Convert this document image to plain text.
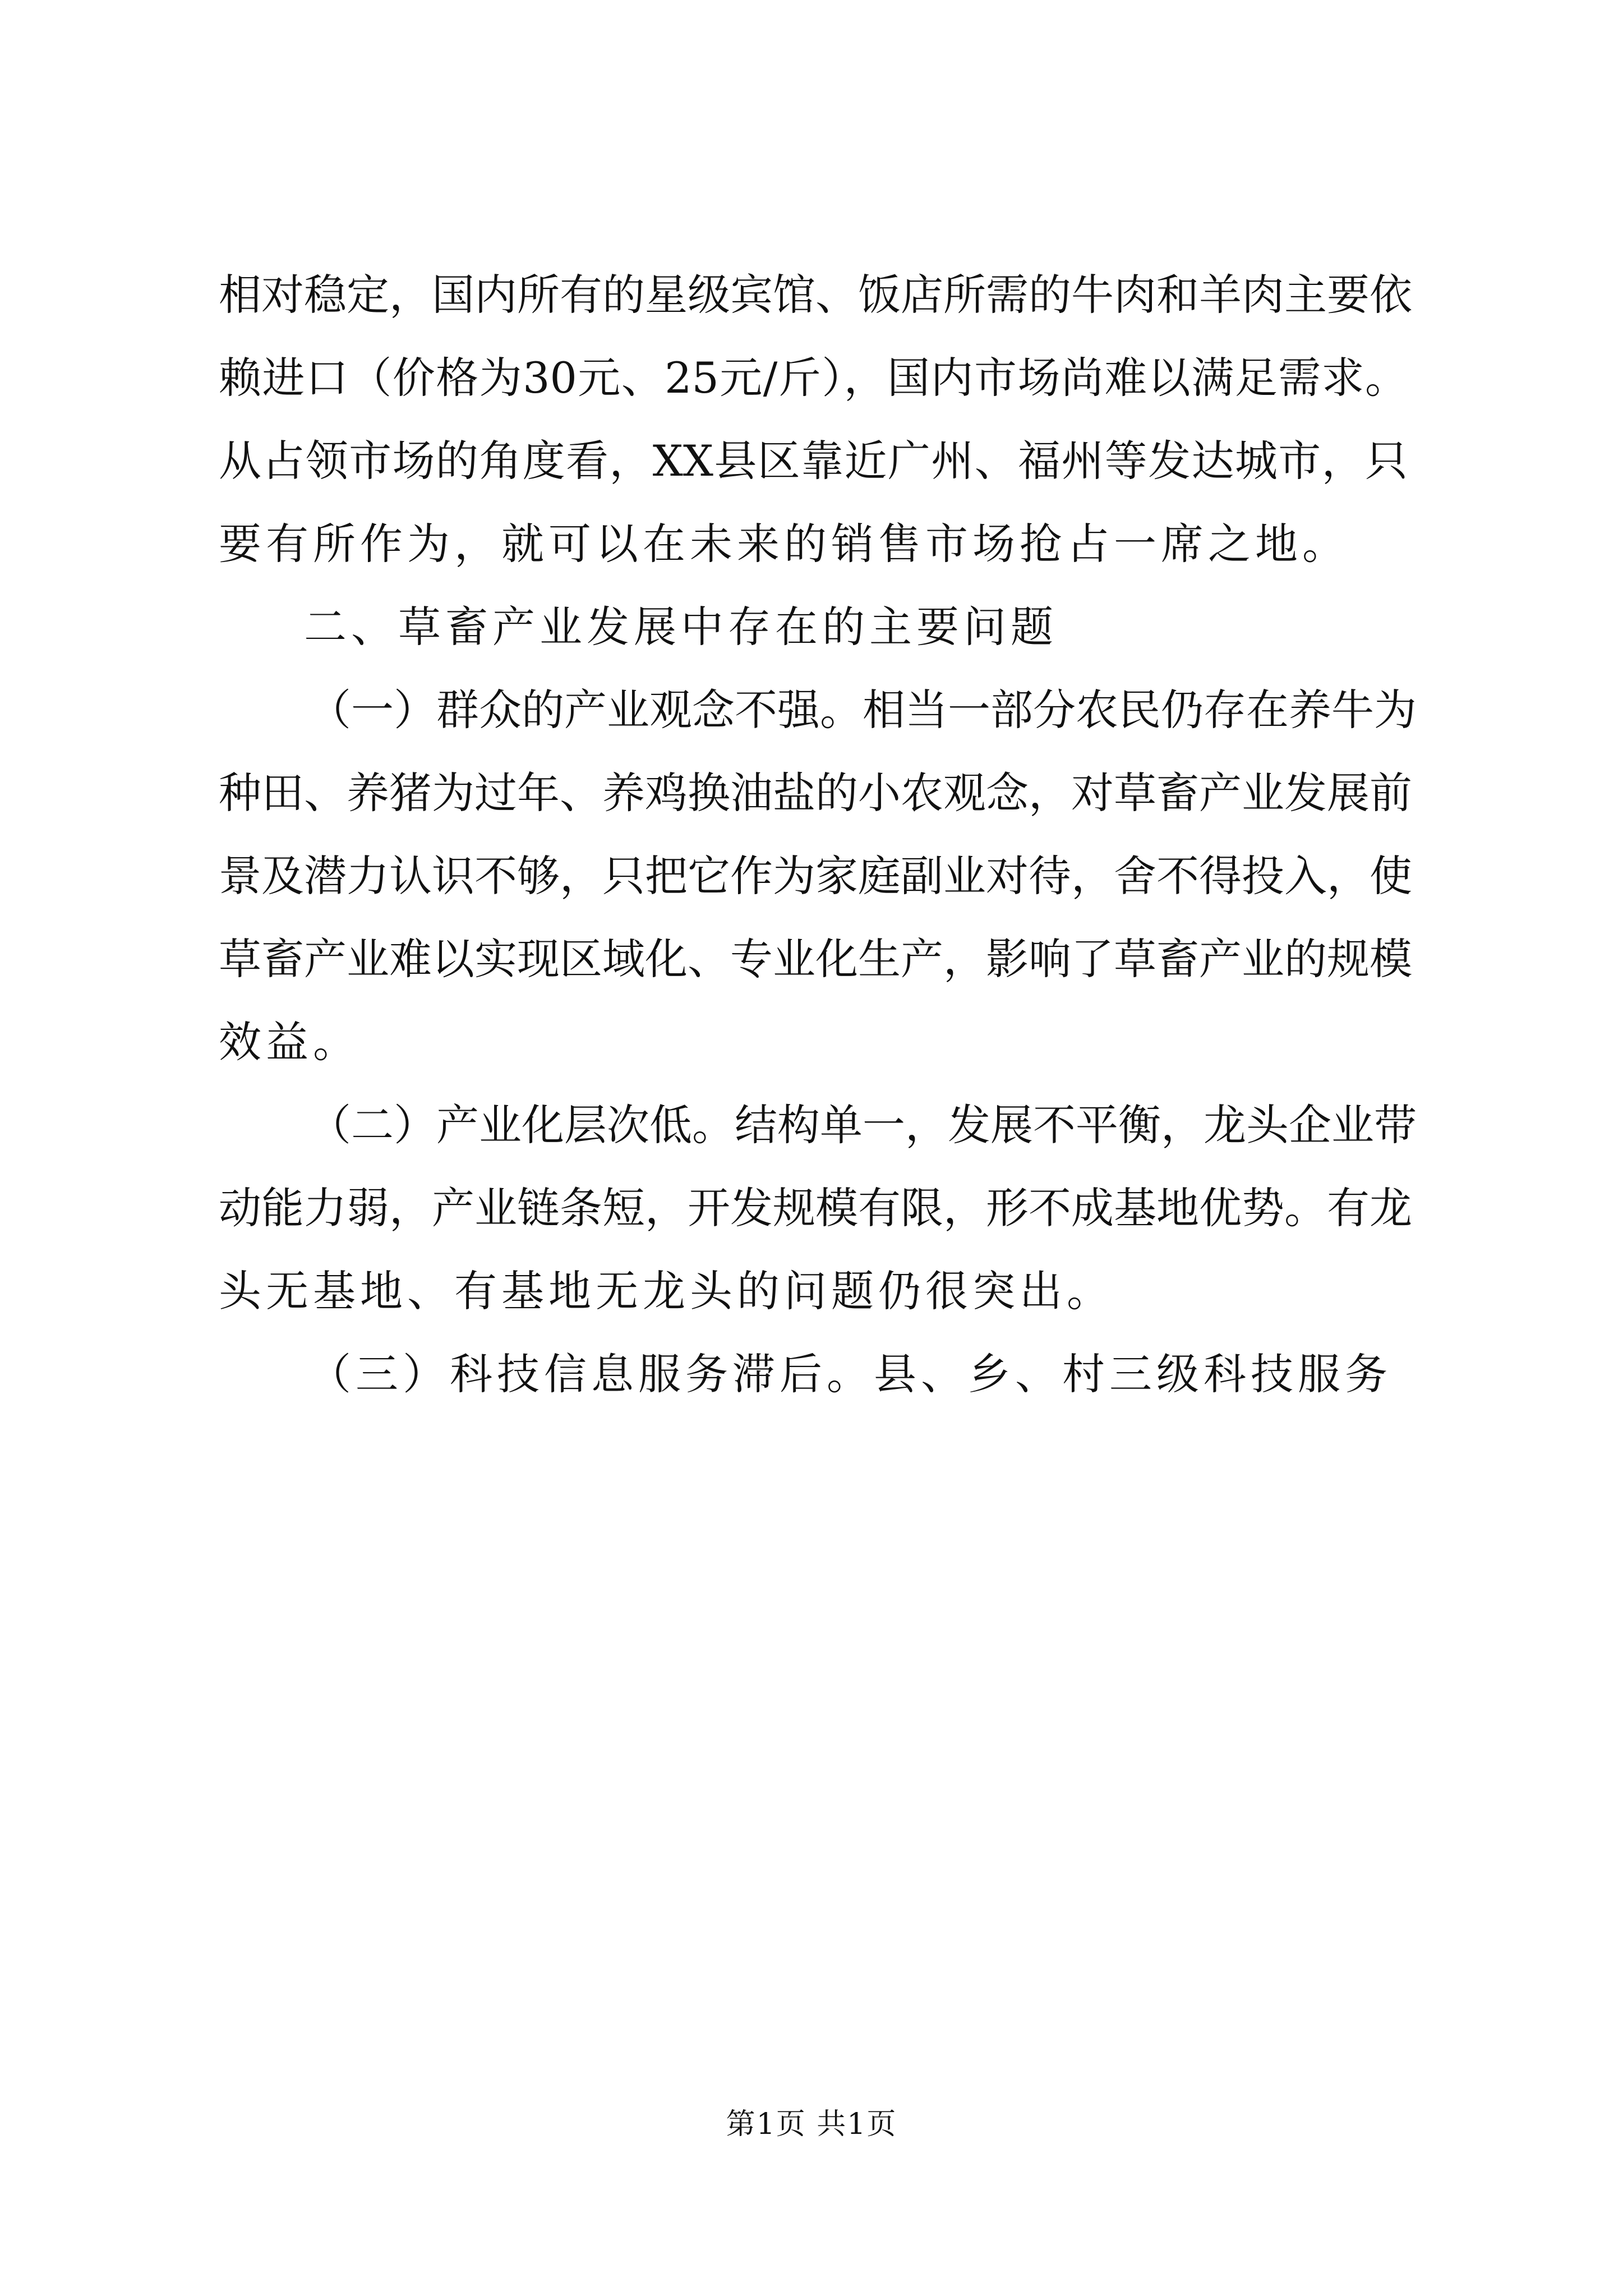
相对稳定，国内所有的星级宾馆、饭店所需的牛肉和羊肉主要依
赖进口（价格为30元、25元/斤），国内市场尚难以满足需求。
从占领市场的角度看，XX县区靠近广州、福州等发达城市，只
要有所作为，就可以在未来的销售市场抢占一席之地。
二、草畜产业发展中存在的主要问题
（一）群众的产业观念不强。相当一部分农民仍存在养牛为
种田、养猪为过年、养鸡换油盐的小农观念，对草畜产业发展前
景及潜力认识不够，只把它作为家庭副业对待，舍不得投入，使
草畜产业难以实现区域化、专业化生产，影响了草畜产业的规模
效益。
（二）产业化层次低。结构单一，发展不平衡，龙头企业带
动能力弱，产业链条短，开发规模有限，形不成基地优势。有龙
头无基地、有基地无龙头的问题仍很突出。
（三）科技信息服务滞后。县、乡、村三级科技服务
第1页 共1页
